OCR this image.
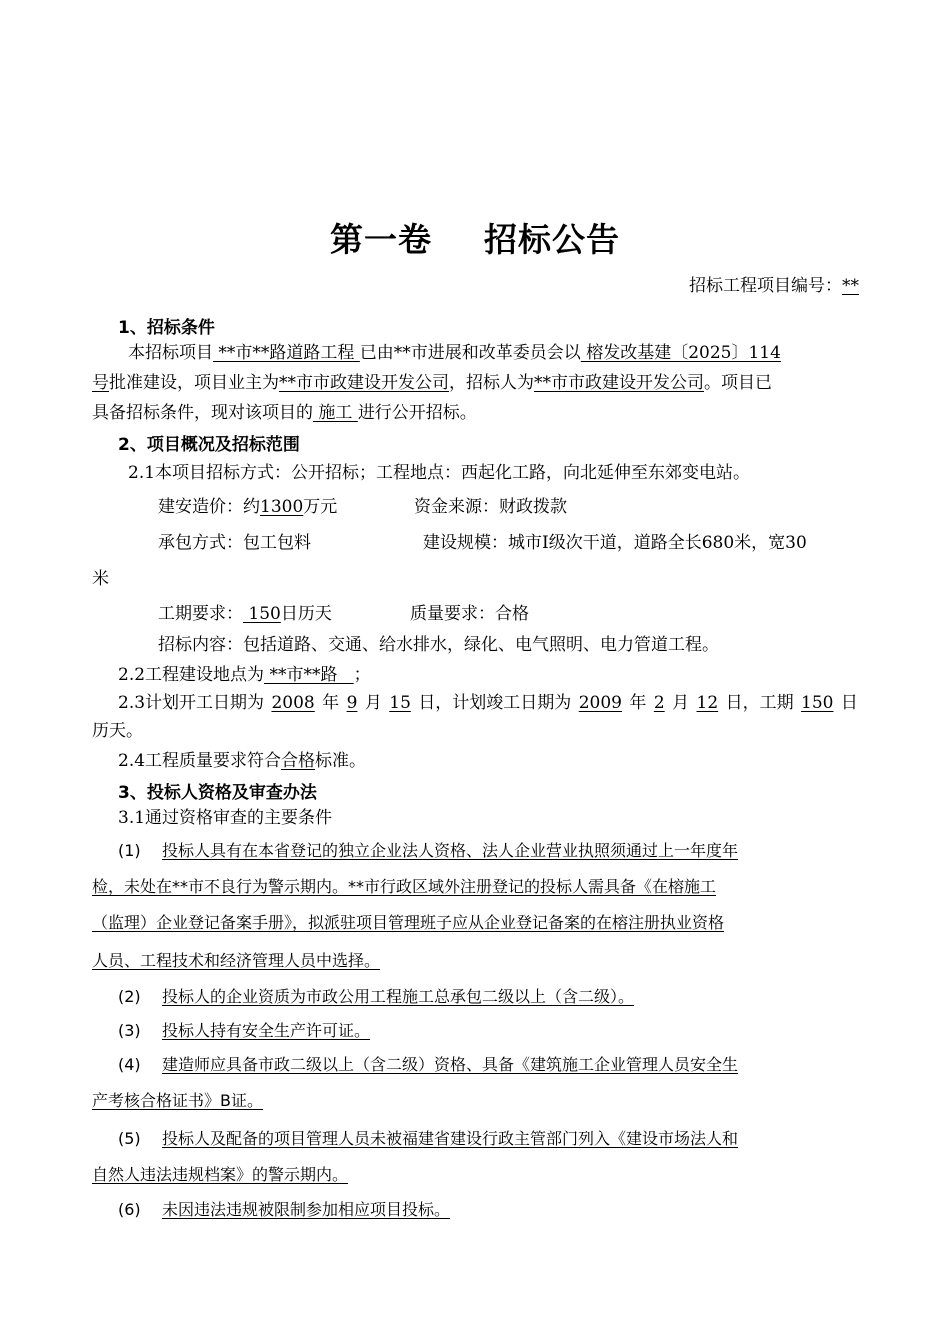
第一卷 招标公告
招标工程项目编号：**
1、招标条件
本招标项目 **市**路道路工程 已由**市进展和改革委员会以 榕发改基建〔2025〕114
号批准建设，项目业主为**市市政建设开发公司，招标人为**市市政建设开发公司。项目已
具备招标条件，现对该项目的 施工 进行公开招标。
2、项目概况及招标范围
2.1本项目招标方式：公开招标；工程地点：西起化工路，向北延伸至东郊变电站。
建安造价：约1300万元	资金来源：财政拨款
承包方式：包工包料	建设规模：城市Ⅰ级次干道，道路全长680米，宽30
米
工期要求： 150日历天	质量要求：合格
招标内容：包括道路、交通、给水排水，绿化、电气照明、电力管道工程。
2.2工程建设地点为 **市**路   ；
2.3计划开工日期为 2008 年 9 月 15 日，计划竣工日期为 2009 年 2 月 12 日，工期 150 日
历天。
2.4工程质量要求符合合格标准。
3、投标人资格及审查办法
3.1通过资格审查的主要条件
(1) 投标人具有在本省登记的独立企业法人资格、法人企业营业执照须通过上一年度年
检，未处在**市不良行为警示期内。**市行政区域外注册登记的投标人需具备《在榕施工
（监理）企业登记备案手册》，拟派驻项目管理班子应从企业登记备案的在榕注册执业资格
人员、工程技术和经济管理人员中选择。
(2) 投标人的企业资质为市政公用工程施工总承包二级以上（含二级）。
(3) 投标人持有安全生产许可证。
(4) 建造师应具备市政二级以上（含二级）资格、具备《建筑施工企业管理人员安全生
产考核合格证书》B证。
(5) 投标人及配备的项目管理人员未被福建省建设行政主管部门列入《建设市场法人和
自然人违法违规档案》的警示期内。
(6) 未因违法违规被限制参加相应项目投标。
